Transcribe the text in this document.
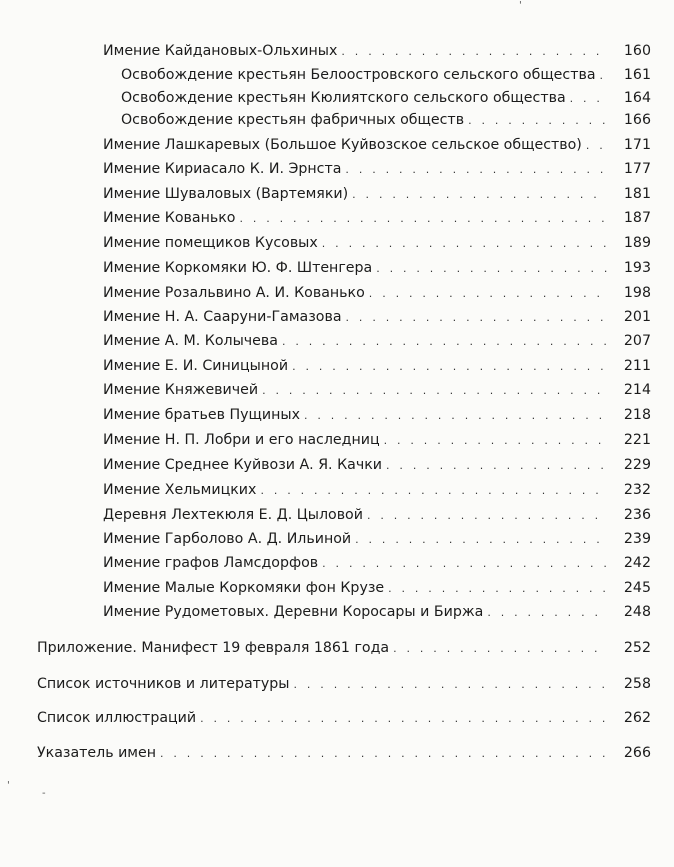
Имение Кайдановых-Ольхиных . . .	160
Освобождение крестьян Белоостровского сельского общества . . .	161
Освобождение крестьян Кюлиятского сельского общества . . .	164
Освобождение крестьян фабричных обществ . . .	166
Имение Лашкаревых (Большое Куйвозское сельское общество) . . .	171
Имение Кириасало К. И. Эрнста . . .	177
Имение Шуваловых (Вартемяки) . . .	181
Имение Кованько . . .	187
Имение помещиков Кусовых . . .	189
Имение Коркомяки Ю. Ф. Штенгера . . .	193
Имение Розальвино А. И. Кованько . . .	198
Имение Н. А. Сааруни-Гамазова . . .	201
Имение А. М. Колычева . . .	207
Имение Е. И. Синицыной . . .	211
Имение Княжевичей . . .	214
Имение братьев Пущиных . . .	218
Имение Н. П. Лобри и его наследниц . . .	221
Имение Среднее Куйвози А. Я. Качки . . .	229
Имение Хельмицких . . .	232
Деревня Лехтекюля Е. Д. Цыловой . . .	236
Имение Гарболово А. Д. Ильиной . . .	239
Имение графов Ламсдорфов . . .	242
Имение Малые Коркомяки фон Крузе . . .	245
Имение Рудометовых. Деревни Коросары и Биржа . . .	248
Приложение. Манифест 19 февраля 1861 года . . .	252
Список источников и литературы . . .	258
Список иллюстраций . . .	262
Указатель имен . . .	266
'
'
-
